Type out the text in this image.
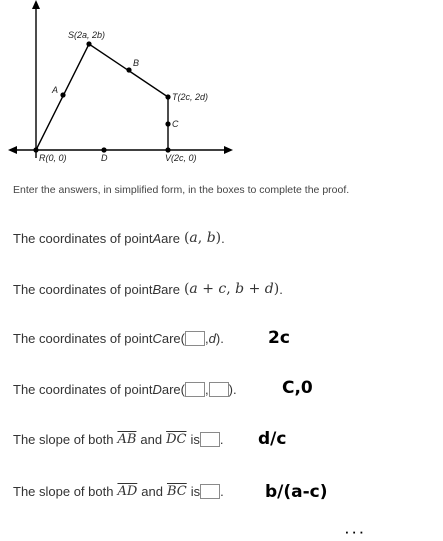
S(2a, 2b)
B
T(2c, 2d)
C
A
R(0, 0)	D	V(2c, 0)
Enter the answers, in simplified form, in the boxes to complete the proof.
The coordinates of point A are (a, b) .
The coordinates of point B are (a + c, b + d) .
The coordinates of point C are ( , d ).	2c
The coordinates of point D are ( , ).	C,0
The slope of both $\overline{AB}$ and $\overline{DC}$ is . d/c
The slope of both $\overline{AD}$ and $\overline{BC}$ is . b/(a-c)
· · ·
